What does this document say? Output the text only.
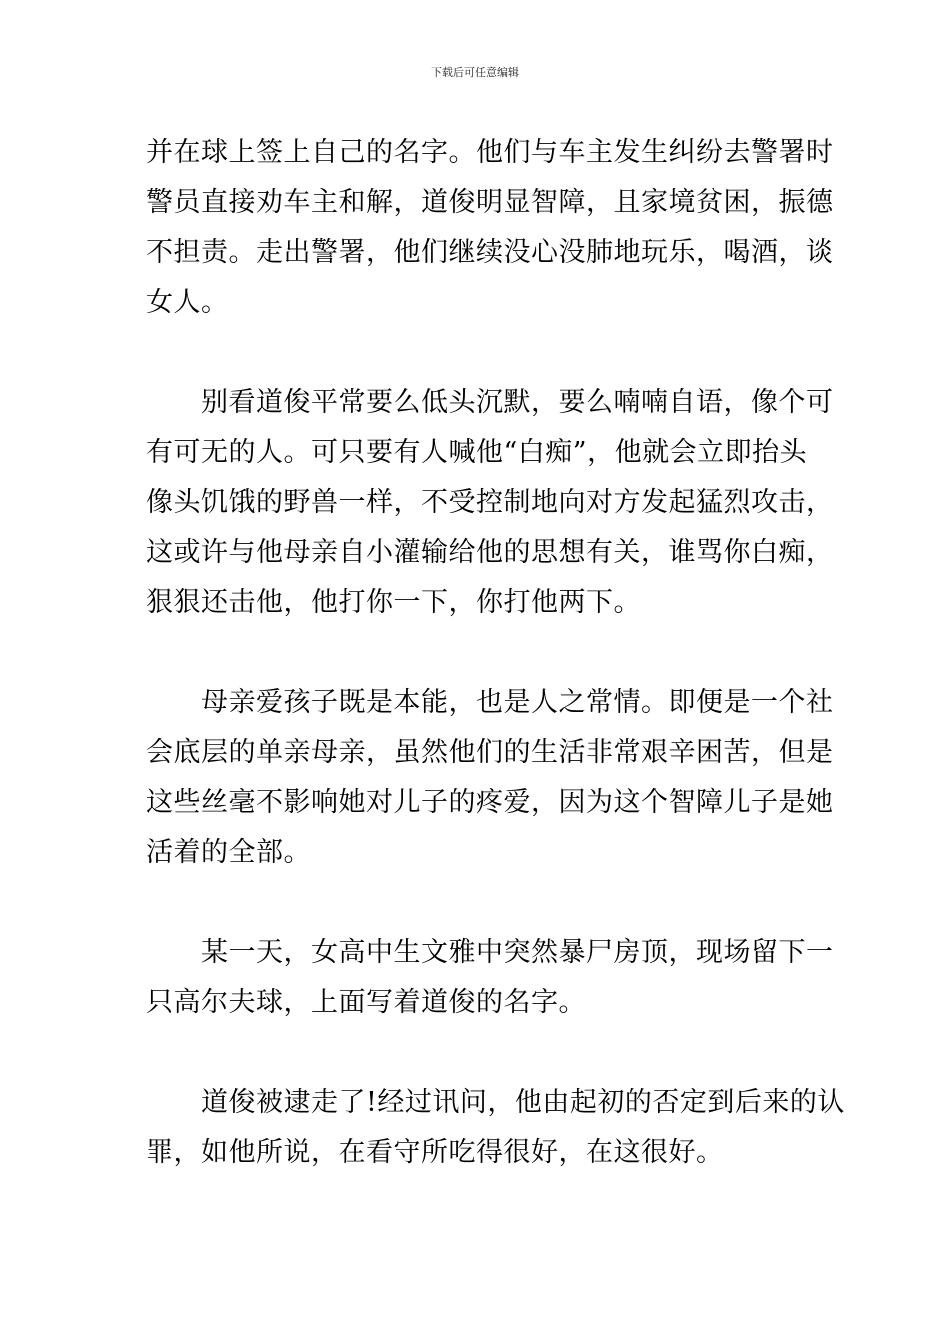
下载后可任意编辑

并在球上签上自己的名字。他们与车主发生纠纷去警署时
警员直接劝车主和解，道俊明显智障，且家境贫困，振德
不担责。走出警署，他们继续没心没肺地玩乐，喝酒，谈
女人。

　　别看道俊平常要么低头沉默，要么喃喃自语，像个可
有可无的人。可只要有人喊他“白痴”，他就会立即抬头
像头饥饿的野兽一样，不受控制地向对方发起猛烈攻击，
这或许与他母亲自小灌输给他的思想有关，谁骂你白痴，
狠狠还击他，他打你一下，你打他两下。

　　母亲爱孩子既是本能，也是人之常情。即便是一个社
会底层的单亲母亲，虽然他们的生活非常艰辛困苦，但是
这些丝毫不影响她对儿子的疼爱，因为这个智障儿子是她
活着的全部。

　　某一天，女高中生文雅中突然暴尸房顶，现场留下一
只高尔夫球，上面写着道俊的名字。

　　道俊被逮走了!经过讯问，他由起初的否定到后来的认
罪，如他所说，在看守所吃得很好，在这很好。
